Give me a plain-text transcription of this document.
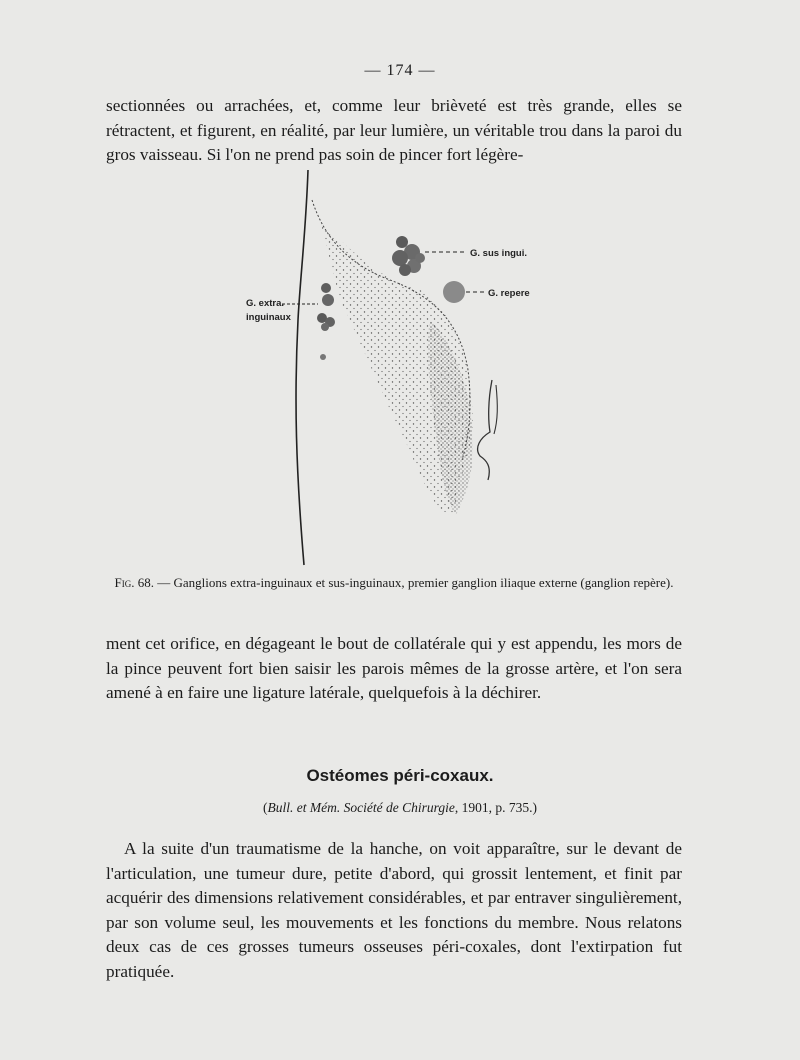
— 174 —

sectionnées ou arrachées, et, comme leur brièveté est très grande, elles se rétractent, et figurent, en réalité, par leur lumière, un véritable trou dans la paroi du gros vaisseau. Si l'on ne prend pas soin de pincer fort légère-

G. sus ingui.
G. repere
G. extra.
inguinaux
Fig. 68. — Ganglions extra-inguinaux et sus-inguinaux, premier ganglion iliaque externe (ganglion repère).

ment cet orifice, en dégageant le bout de collatérale qui y est appendu, les mors de la pince peuvent fort bien saisir les parois mêmes de la grosse artère, et l'on sera amené à en faire une ligature latérale, quelquefois à la déchirer.

Ostéomes péri-coxaux.
(Bull. et Mém. Société de Chirurgie, 1901, p. 735.)

A la suite d'un traumatisme de la hanche, on voit apparaître, sur le devant de l'articulation, une tumeur dure, petite d'abord, qui grossit lentement, et finit par acquérir des dimensions relativement considérables, et par entraver singulièrement, par son volume seul, les mouvements et les fonctions du membre. Nous relatons deux cas de ces grosses tumeurs osseuses péri-coxales, dont l'extirpation fut pratiquée.
